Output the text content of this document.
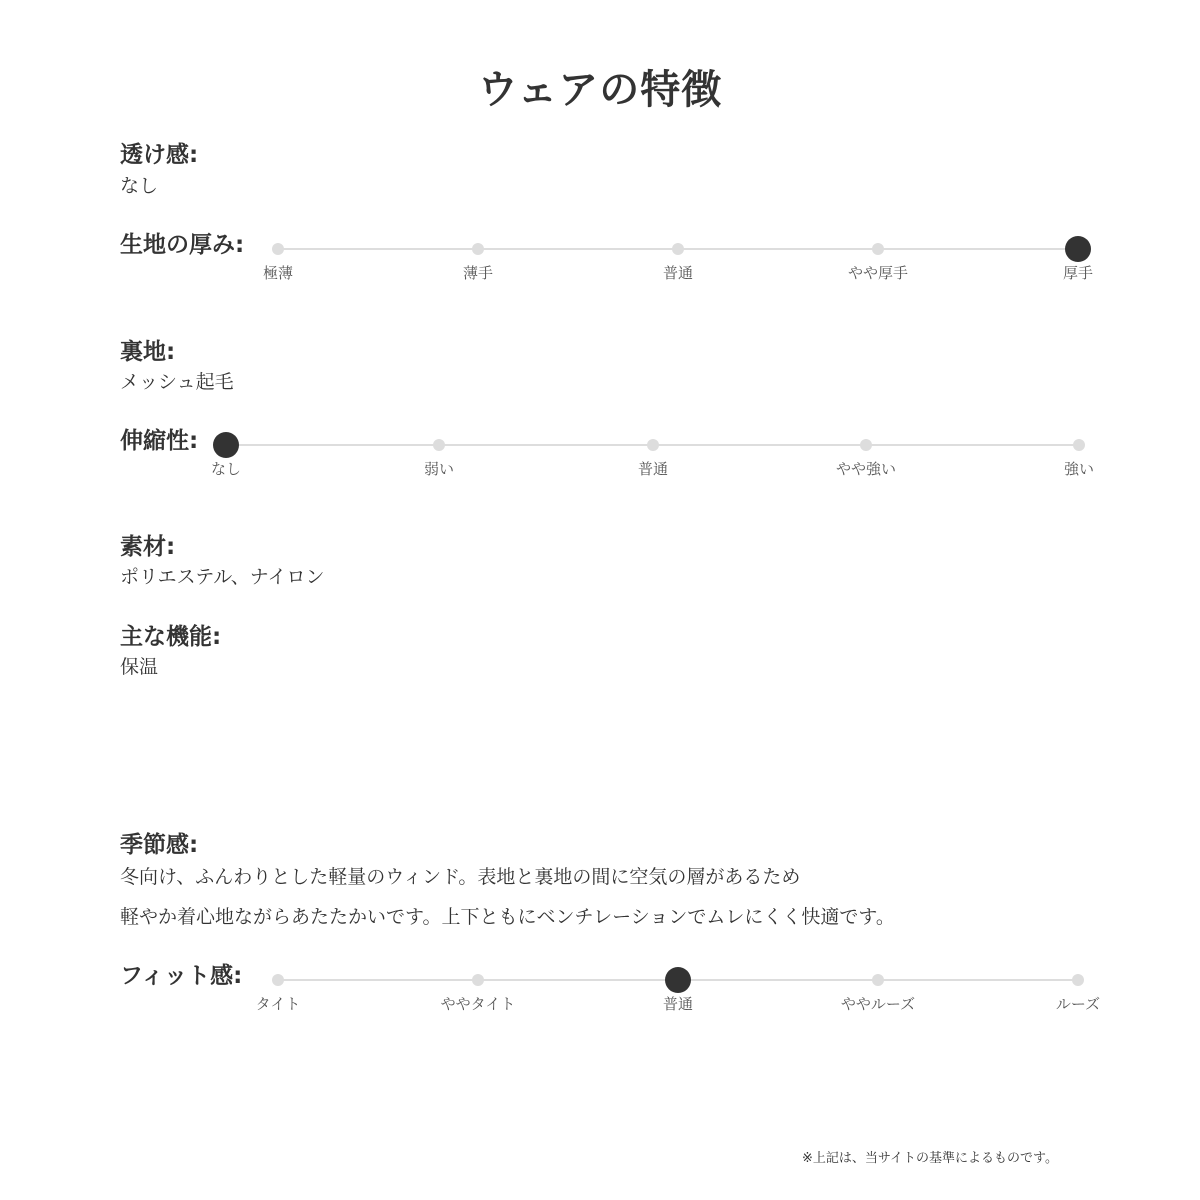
ウェアの特徴
透け感:
なし
生地の厚み:
極薄	薄手	普通	やや厚手	厚手
裏地:
メッシュ起毛
伸縮性:
なし	弱い	普通	やや強い	強い
素材:
ポリエステル、ナイロン
主な機能:
保温
季節感:
冬向け、ふんわりとした軽量のウィンド。表地と裏地の間に空気の層があるため
軽やか着心地ながらあたたかいです。上下ともにベンチレーションでムレにくく快適です。
フィット感:
タイト	ややタイト	普通	ややルーズ	ルーズ
※上記は、当サイトの基準によるものです。
